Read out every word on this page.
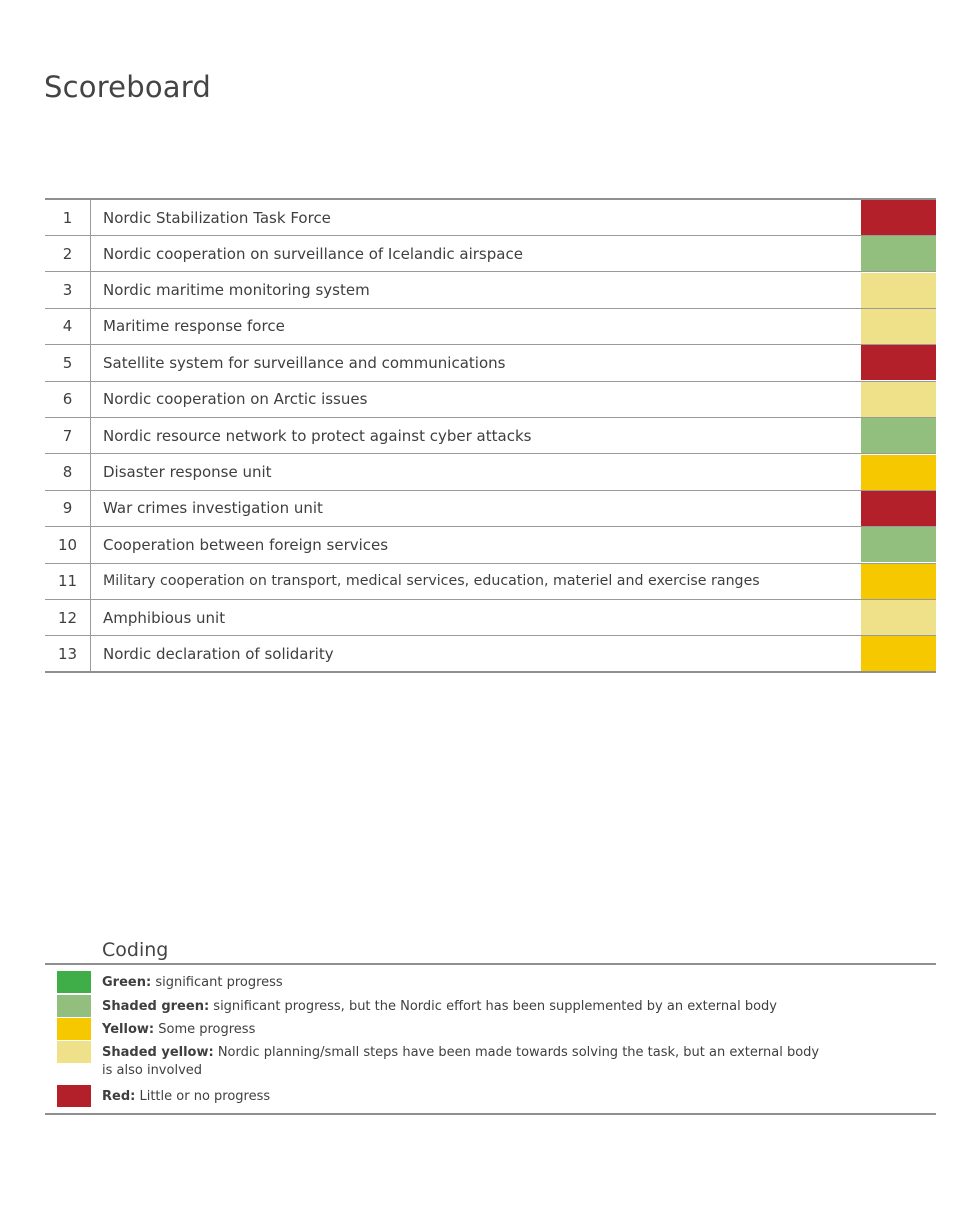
Scoreboard
1	Nordic Stabilization Task Force	

2	Nordic cooperation on surveillance of Icelandic airspace	

3	Nordic maritime monitoring system	

4	Maritime response force	

5	Satellite system for surveillance and communications	

6	Nordic cooperation on Arctic issues	

7	Nordic resource network to protect against cyber attacks	

8	Disaster response unit	

9	War crimes investigation unit	

10	Cooperation between foreign services	

11	Military cooperation on transport, medical services, education, materiel and exercise ranges	

12	Amphibious unit	

13	Nordic declaration of solidarity	
Coding
Green: significant progress
Shaded green: significant progress, but the Nordic effort has been supplemented by an external body
Yellow: Some progress
Shaded yellow: Nordic planning/small steps have been made towards solving the task, but an external body is also involved
Red: Little or no progress
